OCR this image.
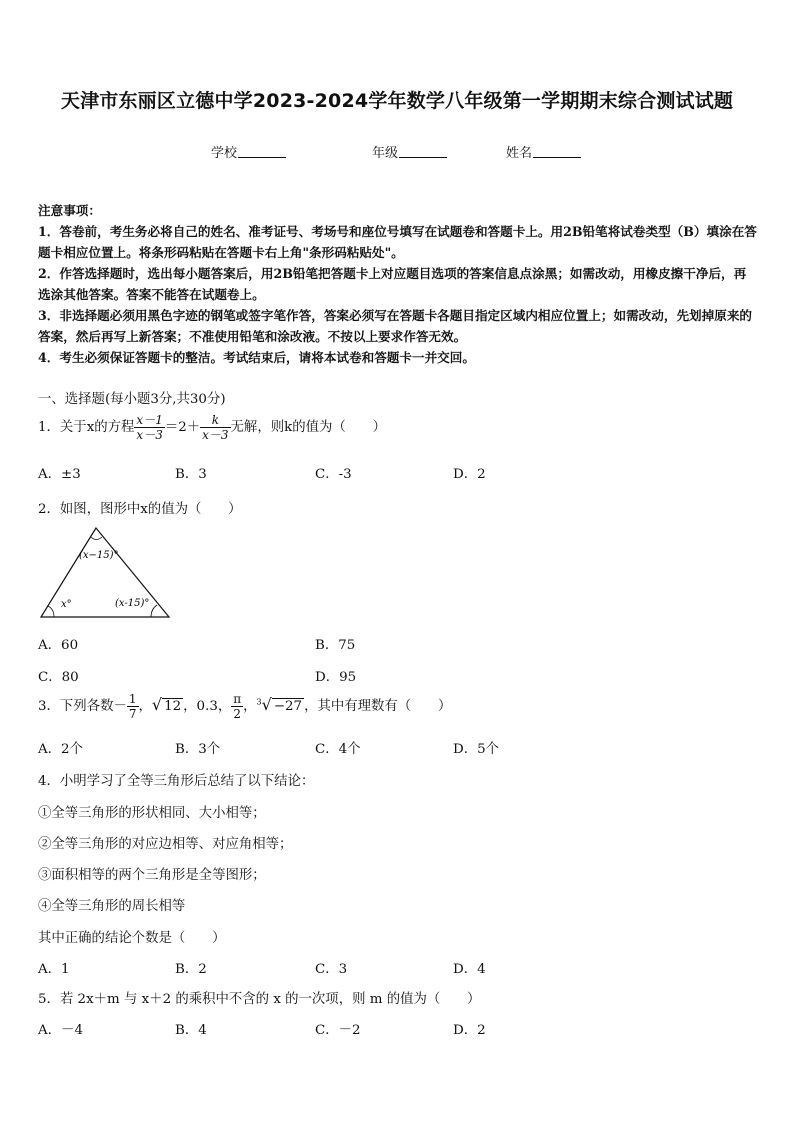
天津市东丽区立德中学2023-2024学年数学八年级第一学期期末综合测试试题
学校	年级	姓名
注意事项：
1．答卷前，考生务必将自己的姓名、准考证号、考场号和座位号填写在试题卷和答题卡上。用2B铅笔将试卷类型（B）填涂在答题卡相应位置上。将条形码粘贴在答题卡右上角"条形码粘贴处"。
2．作答选择题时，选出每小题答案后，用2B铅笔把答题卡上对应题目选项的答案信息点涂黑；如需改动，用橡皮擦干净后，再选涂其他答案。答案不能答在试题卷上。
3．非选择题必须用黑色字迹的钢笔或签字笔作答，答案必须写在答题卡各题目指定区域内相应位置上；如需改动，先划掉原来的答案，然后再写上新答案；不准使用铅笔和涂改液。不按以上要求作答无效。
4．考生必须保证答题卡的整洁。考试结束后，请将本试卷和答题卡一并交回。
一、选择题(每小题3分,共30分)
1．关于x的方程 $\frac{x-1}{x-3} =2+ \frac{k}{x-3}$ 无解，则k的值为（　　）
A．±3	B．3	C．-3	D．2
2．如图，图形中x的值为（　　）
(x−15)°
x°	(x-15)°
A．60	B．75
C．80	D．95
3．下列各数－ $\frac{1}{7}$ ，√ 12 ，0.3， $\frac{\pi}{2}$ ，$^3$√ −27 ，其中有理数有（　　）
A．2个	B．3个	C．4个	D．5个
4．小明学习了全等三角形后总结了以下结论：
①全等三角形的形状相同、大小相等；
②全等三角形的对应边相等、对应角相等；
③面积相等的两个三角形是全等图形；
④全等三角形的周长相等
其中正确的结论个数是（　　）
A．1	B．2	C．3	D．4
5．若 2x＋m 与 x＋2 的乘积中不含的 x 的一次项，则 m 的值为（　　）
A．－4	B．4	C．－2	D．2
